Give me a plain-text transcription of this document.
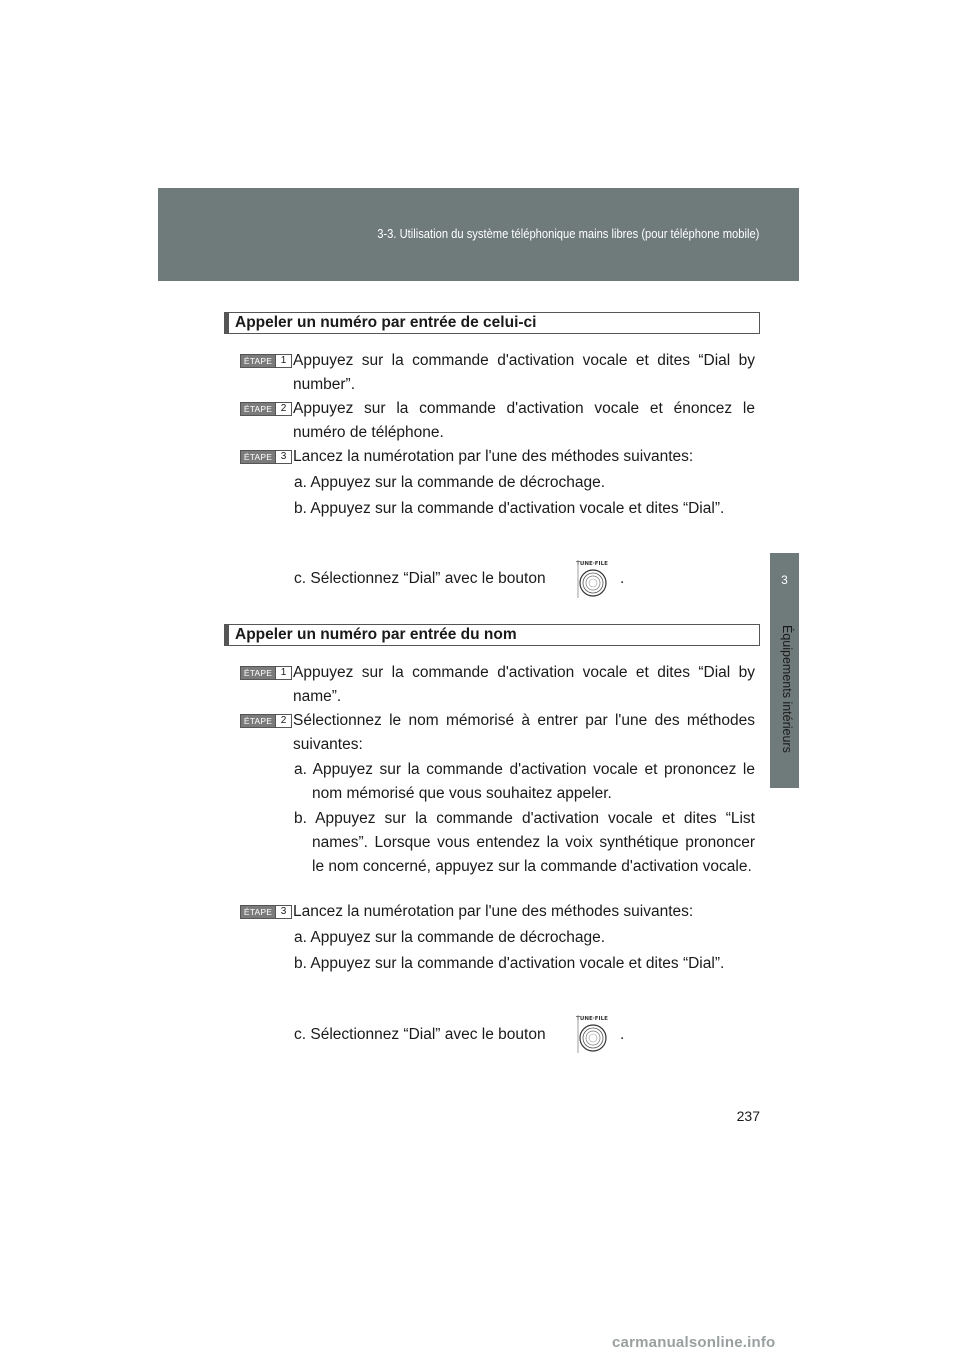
3-3. Utilisation du système téléphonique mains libres (pour téléphone mobile)
3
Équipements intérieurs
Appeler un numéro par entrée de celui-ci
ÉTAPE 1 Appuyez sur la commande d'activation vocale et dites “Dial by number”.
ÉTAPE 2 Appuyez sur la commande d'activation vocale et énoncez le numéro de téléphone.
ÉTAPE 3 Lancez la numérotation par l'une des méthodes suivantes:
a. Appuyez sur la commande de décrochage.
b. Appuyez sur la commande d'activation vocale et dites “Dial”.
c. Sélectionnez “Dial” avec le bouton
TUNE·FILE
.
Appeler un numéro par entrée du nom
ÉTAPE 1 Appuyez sur la commande d'activation vocale et dites “Dial by name”.
ÉTAPE 2 Sélectionnez le nom mémorisé à entrer par l'une des méthodes suivantes:
a. Appuyez sur la commande d'activation vocale et prononcez le nom mémorisé que vous souhaitez appeler.
b. Appuyez sur la commande d'activation vocale et dites “List names”. Lorsque vous entendez la voix synthétique prononcer le nom concerné, appuyez sur la commande d'activation vocale.
ÉTAPE 3 Lancez la numérotation par l'une des méthodes suivantes:
a. Appuyez sur la commande de décrochage.
b. Appuyez sur la commande d'activation vocale et dites “Dial”.
c. Sélectionnez “Dial” avec le bouton
TUNE·FILE
.
237
carmanualsonline.info
